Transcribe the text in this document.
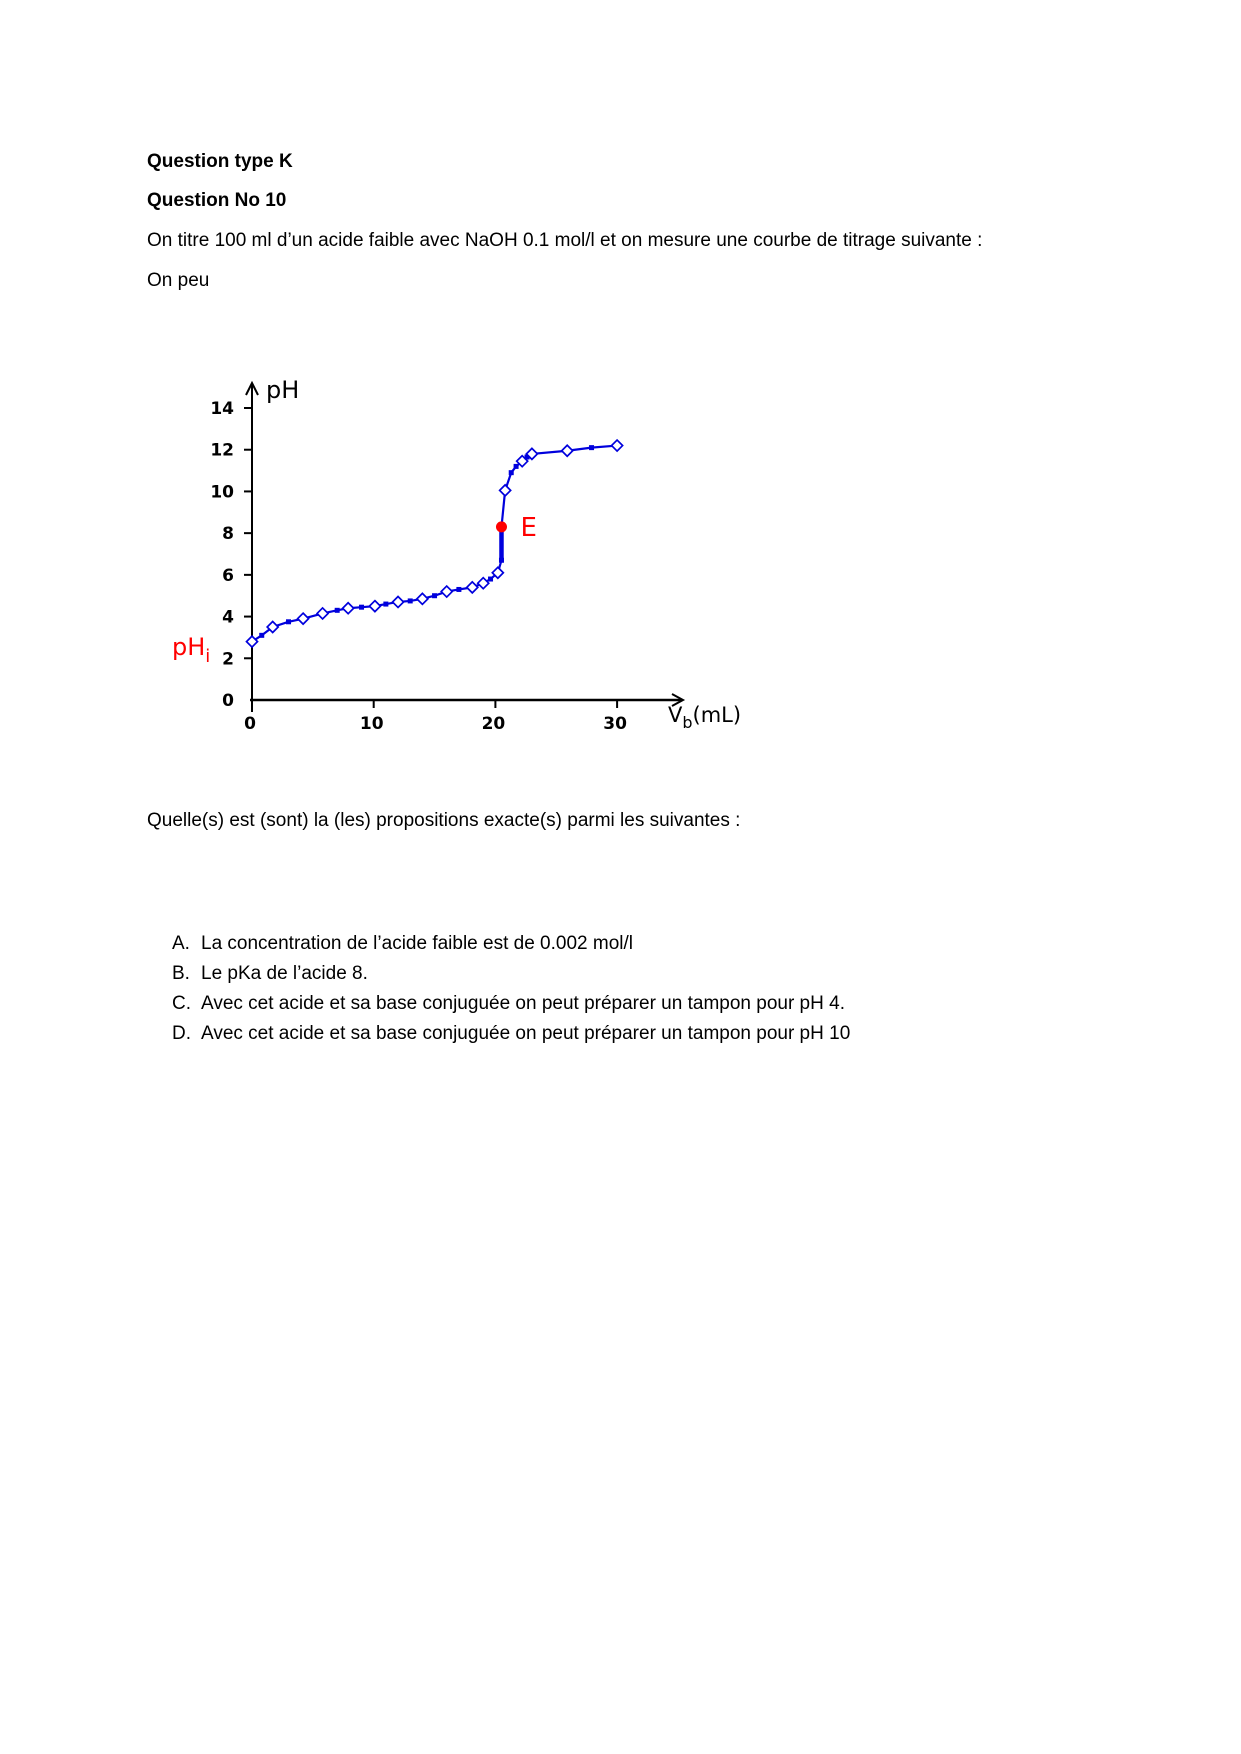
Question type K

Question No 10

On titre 100 ml d’un acide faible avec NaOH 0.1 mol/l et on mesure une courbe de titrage suivante :

On peu

0
2
4
6
8
10
12
14
0	10	20	30
pH
$V_b(mL)$
E
$pH_i$

Quelle(s) est (sont) la (les) propositions exacte(s) parmi les suivantes :

A. La concentration de l’acide faible est de 0.002 mol/l
B. Le pKa de l’acide 8.
C. Avec cet acide et sa base conjuguée on peut préparer un tampon pour pH 4.
D. Avec cet acide et sa base conjuguée on peut préparer un tampon pour pH 10
